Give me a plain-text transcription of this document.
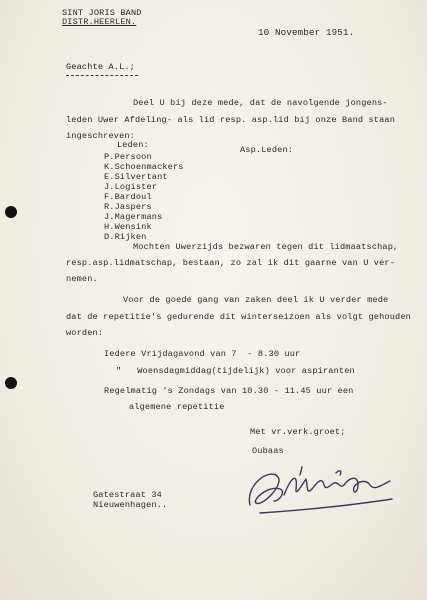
SINT JORIS BAND
DISTR.HEERLEN.
10 November 1951.
Geachte A.L.;
Deel U bij deze mede, dat de navolgende jongens-
leden Uwer Afdeling- als lid resp. asp.lid bij onze Band staan
ingeschreven:
Leden:	Asp.Leden:
P.Persoon
K.Schoenmackers
E.Silvertant
J.Logister
F.Bardoul
R.Jaspers
J.Magermans
H.Wensink
D.Rijken
Mochten Uwerzijds bezwaren tegen dit lidmaatschap,
resp.asp.lidmatschap, bestaan, zo zal ik dit gaarne van U ver-
nemen.
Voor de goede gang van zaken deel ik U verder mede
dat de repetitie's gedurende dit winterseizoen als volgt gehouden
worden:
Iedere Vrijdagavond van 7  - 8.30 uur
"   Woensdagmiddag(tijdelijk) voor aspiranten
Regelmatig 's Zondags van 10.30 - 11.45 uur een
algemene repetitie
Met vr.verk.groet;
Oubaas
Gatestraat 34
Nieuwenhagen..
